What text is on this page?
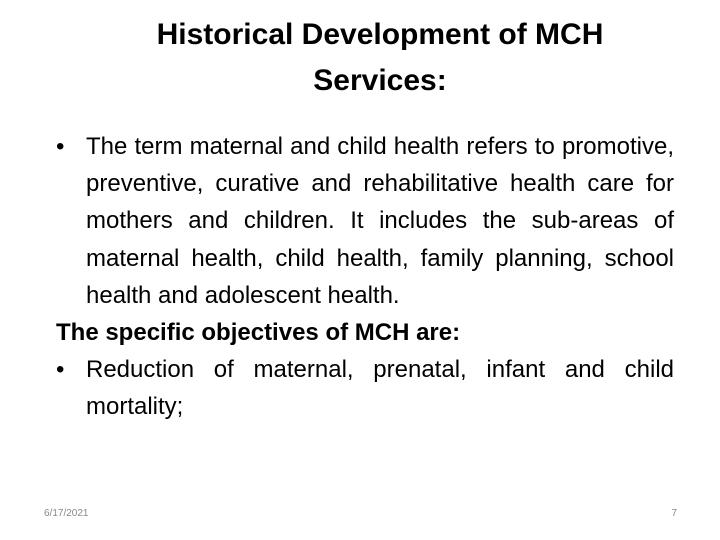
Historical Development of MCH
Services:

• The term maternal and child health refers to promotive, preventive, curative and rehabilitative health care for mothers and children. It includes the sub-areas of maternal health, child health, family planning, school health and adolescent health.

The specific objectives of MCH are:

• Reduction of maternal, prenatal, infant and child mortality;

6/17/2021	7
